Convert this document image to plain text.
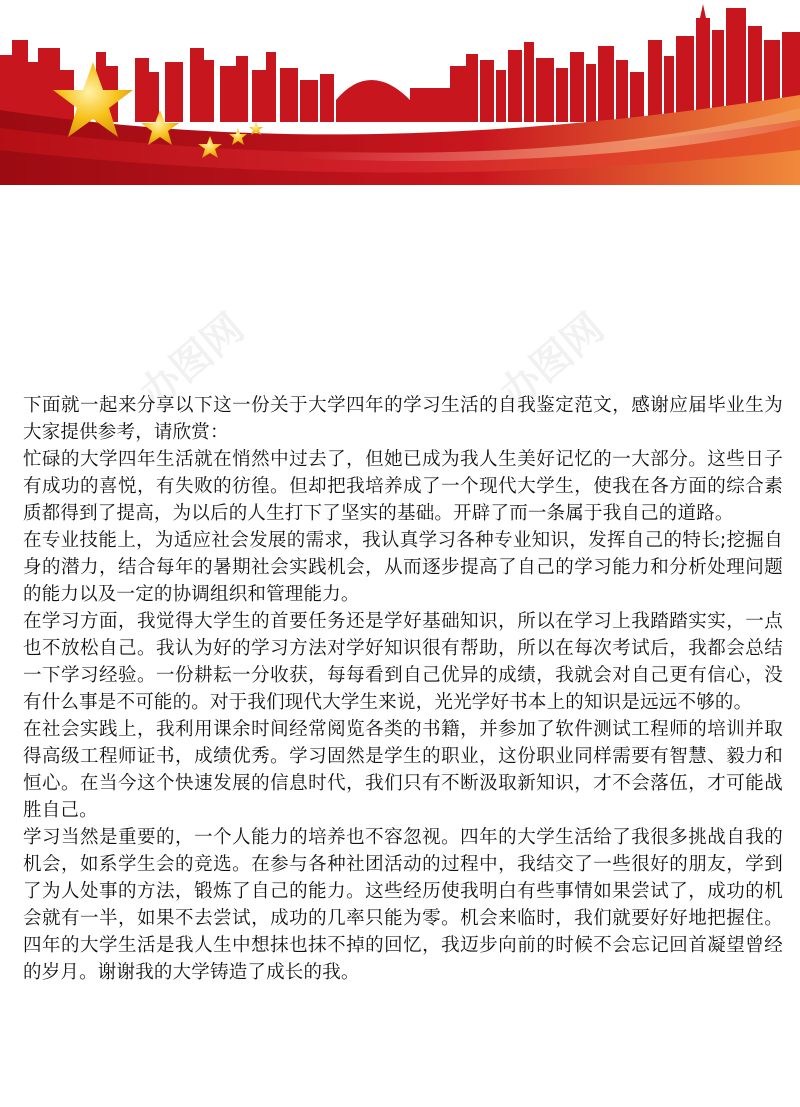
办图网	办图网

下面就一起来分享以下这一份关于大学四年的学习生活的自我鉴定范文，感谢应届毕业生为大家提供参考，请欣赏：

忙碌的大学四年生活就在悄然中过去了，但她已成为我人生美好记忆的一大部分。这些日子有成功的喜悦，有失败的彷徨。但却把我培养成了一个现代大学生，使我在各方面的综合素质都得到了提高，为以后的人生打下了坚实的基础。开辟了而一条属于我自己的道路。

在专业技能上，为适应社会发展的需求，我认真学习各种专业知识，发挥自己的特长;挖掘自身的潜力，结合每年的暑期社会实践机会，从而逐步提高了自己的学习能力和分析处理问题的能力以及一定的协调组织和管理能力。

在学习方面，我觉得大学生的首要任务还是学好基础知识，所以在学习上我踏踏实实，一点也不放松自己。我认为好的学习方法对学好知识很有帮助，所以在每次考试后，我都会总结一下学习经验。一份耕耘一分收获，每每看到自己优异的成绩，我就会对自己更有信心，没有什么事是不可能的。对于我们现代大学生来说，光光学好书本上的知识是远远不够的。

在社会实践上，我利用课余时间经常阅览各类的书籍，并参加了软件测试工程师的培训并取得高级工程师证书，成绩优秀。学习固然是学生的职业，这份职业同样需要有智慧、毅力和恒心。在当今这个快速发展的信息时代，我们只有不断汲取新知识，才不会落伍，才可能战胜自己。

学习当然是重要的，一个人能力的培养也不容忽视。四年的大学生活给了我很多挑战自我的机会，如系学生会的竞选。在参与各种社团活动的过程中，我结交了一些很好的朋友，学到了为人处事的方法，锻炼了自己的能力。这些经历使我明白有些事情如果尝试了，成功的机会就有一半，如果不去尝试，成功的几率只能为零。机会来临时，我们就要好好地把握住。四年的大学生活是我人生中想抹也抹不掉的回忆，我迈步向前的时候不会忘记回首凝望曾经的岁月。谢谢我的大学铸造了成长的我。
